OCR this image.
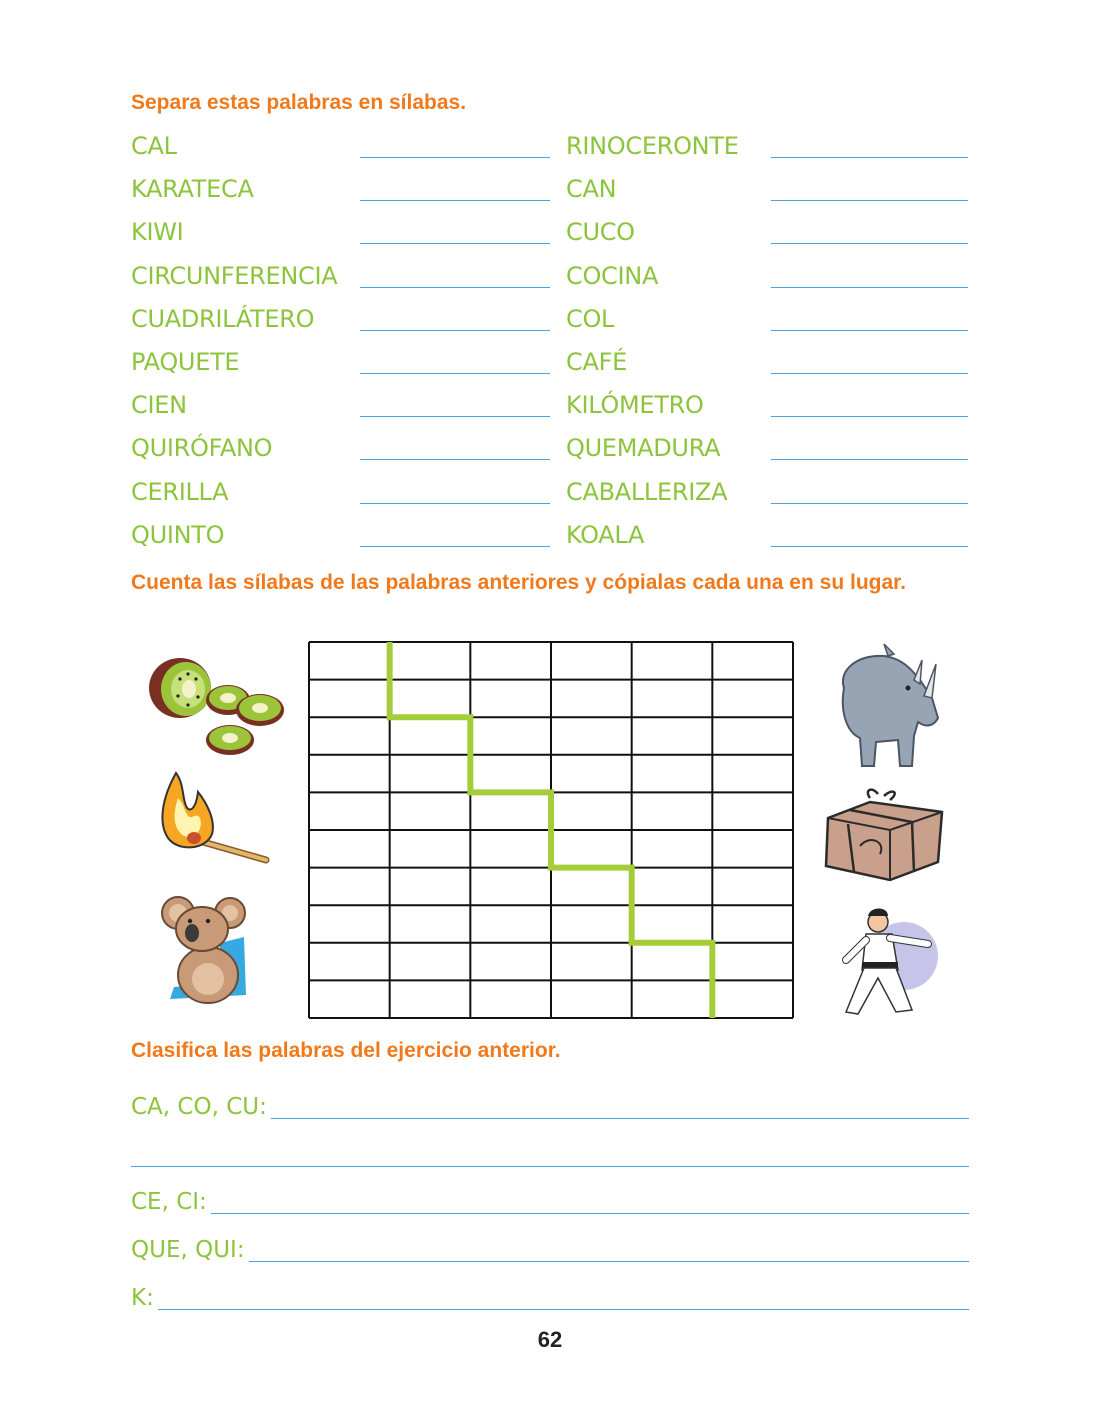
Separa estas palabras en sílabas.
CAL
KARATECA
KIWI
CIRCUNFERENCIA
CUADRILÁTERO
PAQUETE
CIEN
QUIRÓFANO
CERILLA
QUINTO
RINOCERONTE
CAN
CUCO
COCINA
COL
CAFÉ
KILÓMETRO
QUEMADURA
CABALLERIZA
KOALA
Cuenta las sílabas de las palabras anteriores y cópialas cada una en su lugar.
Clasifica las palabras del ejercicio anterior.
CA, CO, CU:
CE, CI:
QUE, QUI:
K:

62
